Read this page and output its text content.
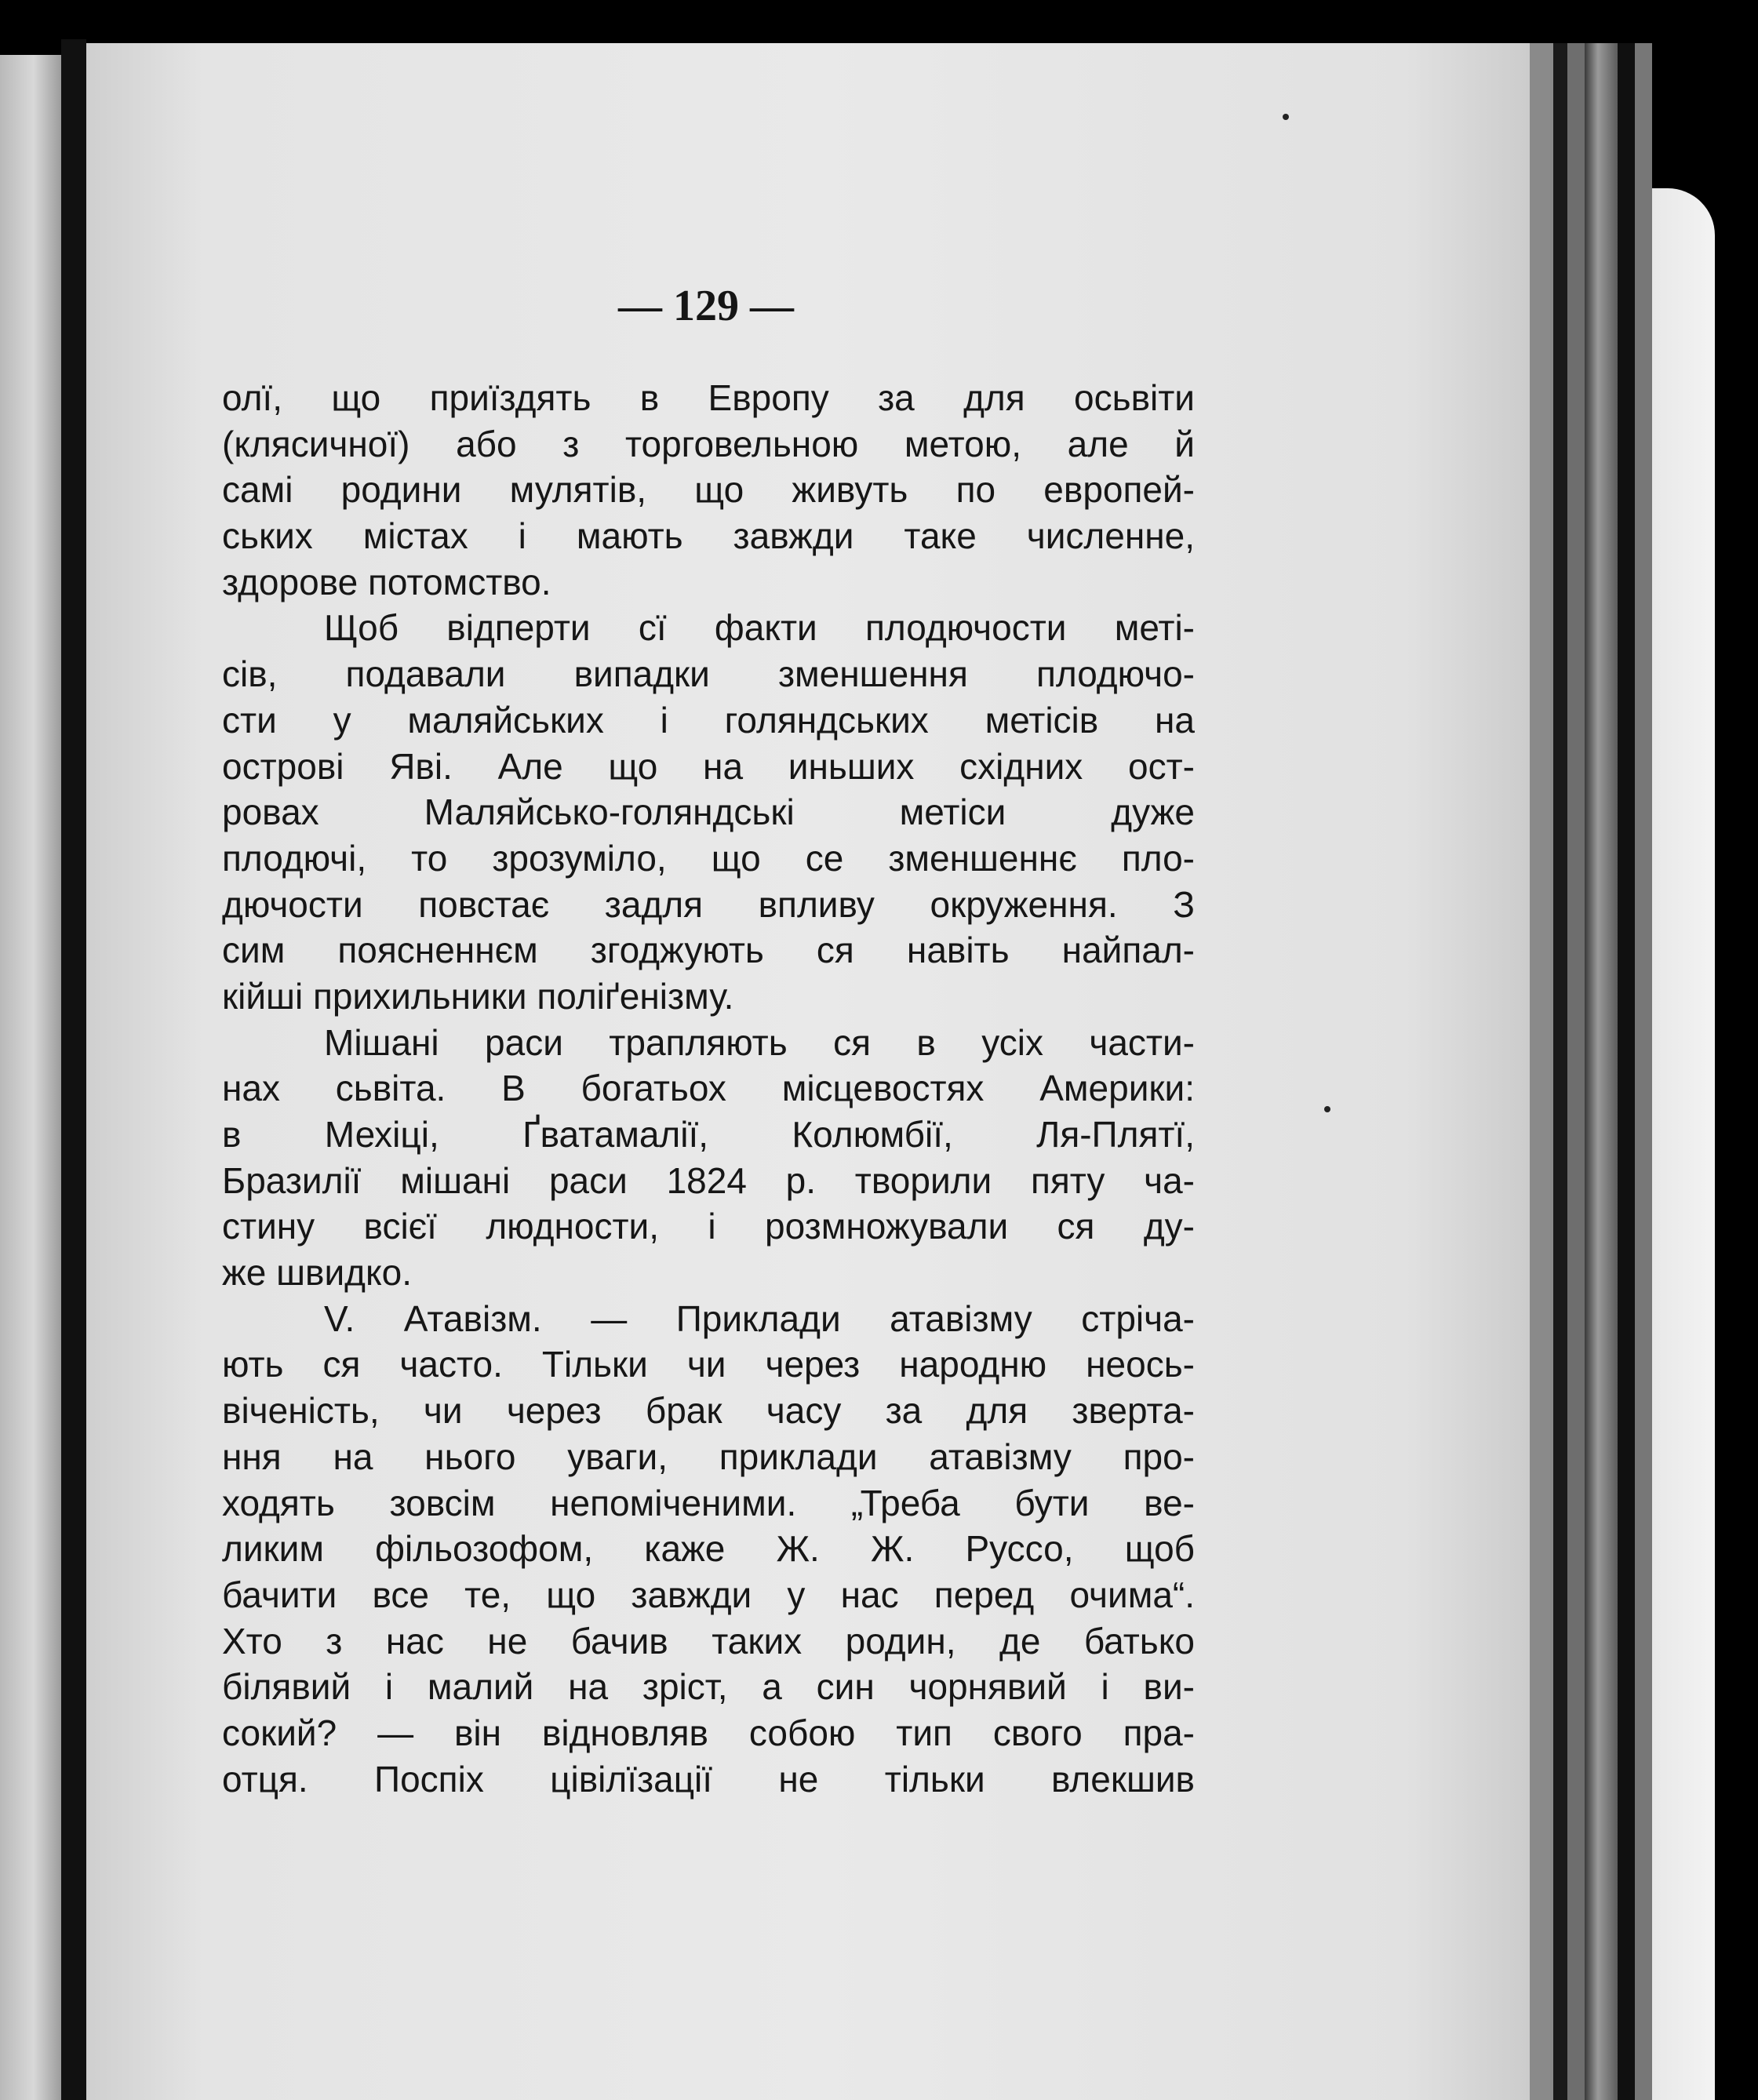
— 129 —
олї, що приїздять в Европу за для осьвіти
(клясичної) або з торговельною метою, але й
самі родини мулятів, що живуть по европей-
ських містах і мають завжди таке численне,
здорове потомство.
Щоб відперти сї факти плодючости меті-
сів, подавали випадки зменшення плодючо-
сти у маляйських і голяндських метісів на
острові Яві. Але що на иньших східних ост-
ровах Маляйсько-голяндські метіси дуже
плодючі, то зрозуміло, що се зменшеннє пло-
дючости повстає задля впливу окруження. З
сим поясненнєм згоджують ся навіть найпал-
кійші прихильники поліґенізму.
Мішані раси трапляють ся в усіх части-
нах сьвіта. В богатьох місцевостях Америки:
в Мехіці, Ґватамалії, Колюмбії, Ля-Плятї,
Бразилії мішані раси 1824 р. творили пяту ча-
стину всієї людности, і розмножували ся ду-
же швидко.
V. Атавізм. — Приклади атавізму стріча-
ють ся часто. Тільки чи через народню неось-
віченість, чи через брак часу за для зверта-
ння на нього уваги, приклади атавізму про-
ходять зовсім непоміченими. „Треба бути ве-
ликим фільозофом, каже Ж. Ж. Руссо, щоб
бачити все те, що завжди у нас перед очима“.
Хто з нас не бачив таких родин, де батько
білявий і малий на зріст, а син чорнявий і ви-
сокий? — він відновляв собою тип свого пра-
отця. Поспіх цівілїзації не тільки влекшив
